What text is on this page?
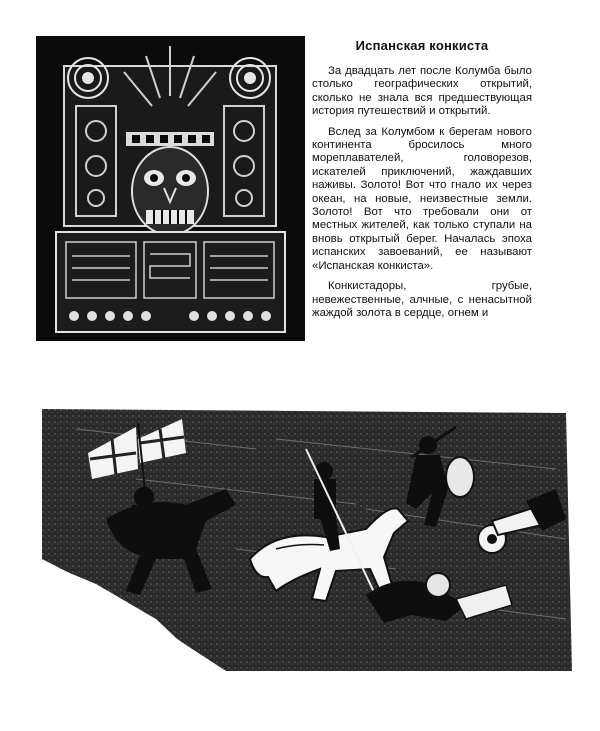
Испанская конкиста

За двадцать лет после Колумба было столько географических открытий, сколько не знала вся предшествующая история путешествий и открытий.

Вслед за Колумбом к берегам нового континента бросилось много мореплавателей, головорезов, искателей приключений, жаждавших наживы. Золото! Вот что гнало их через океан, на новые, неизвестные земли. Золото! Вот что требовали они от местных жителей, как только ступали на вновь открытый берег. Началась эпоха испанских завоеваний, ее называют «Испанская конкиста».

Конкистадоры, грубые, невежественные, алчные, с ненасытной жаждой золота в сердце, огнем и
